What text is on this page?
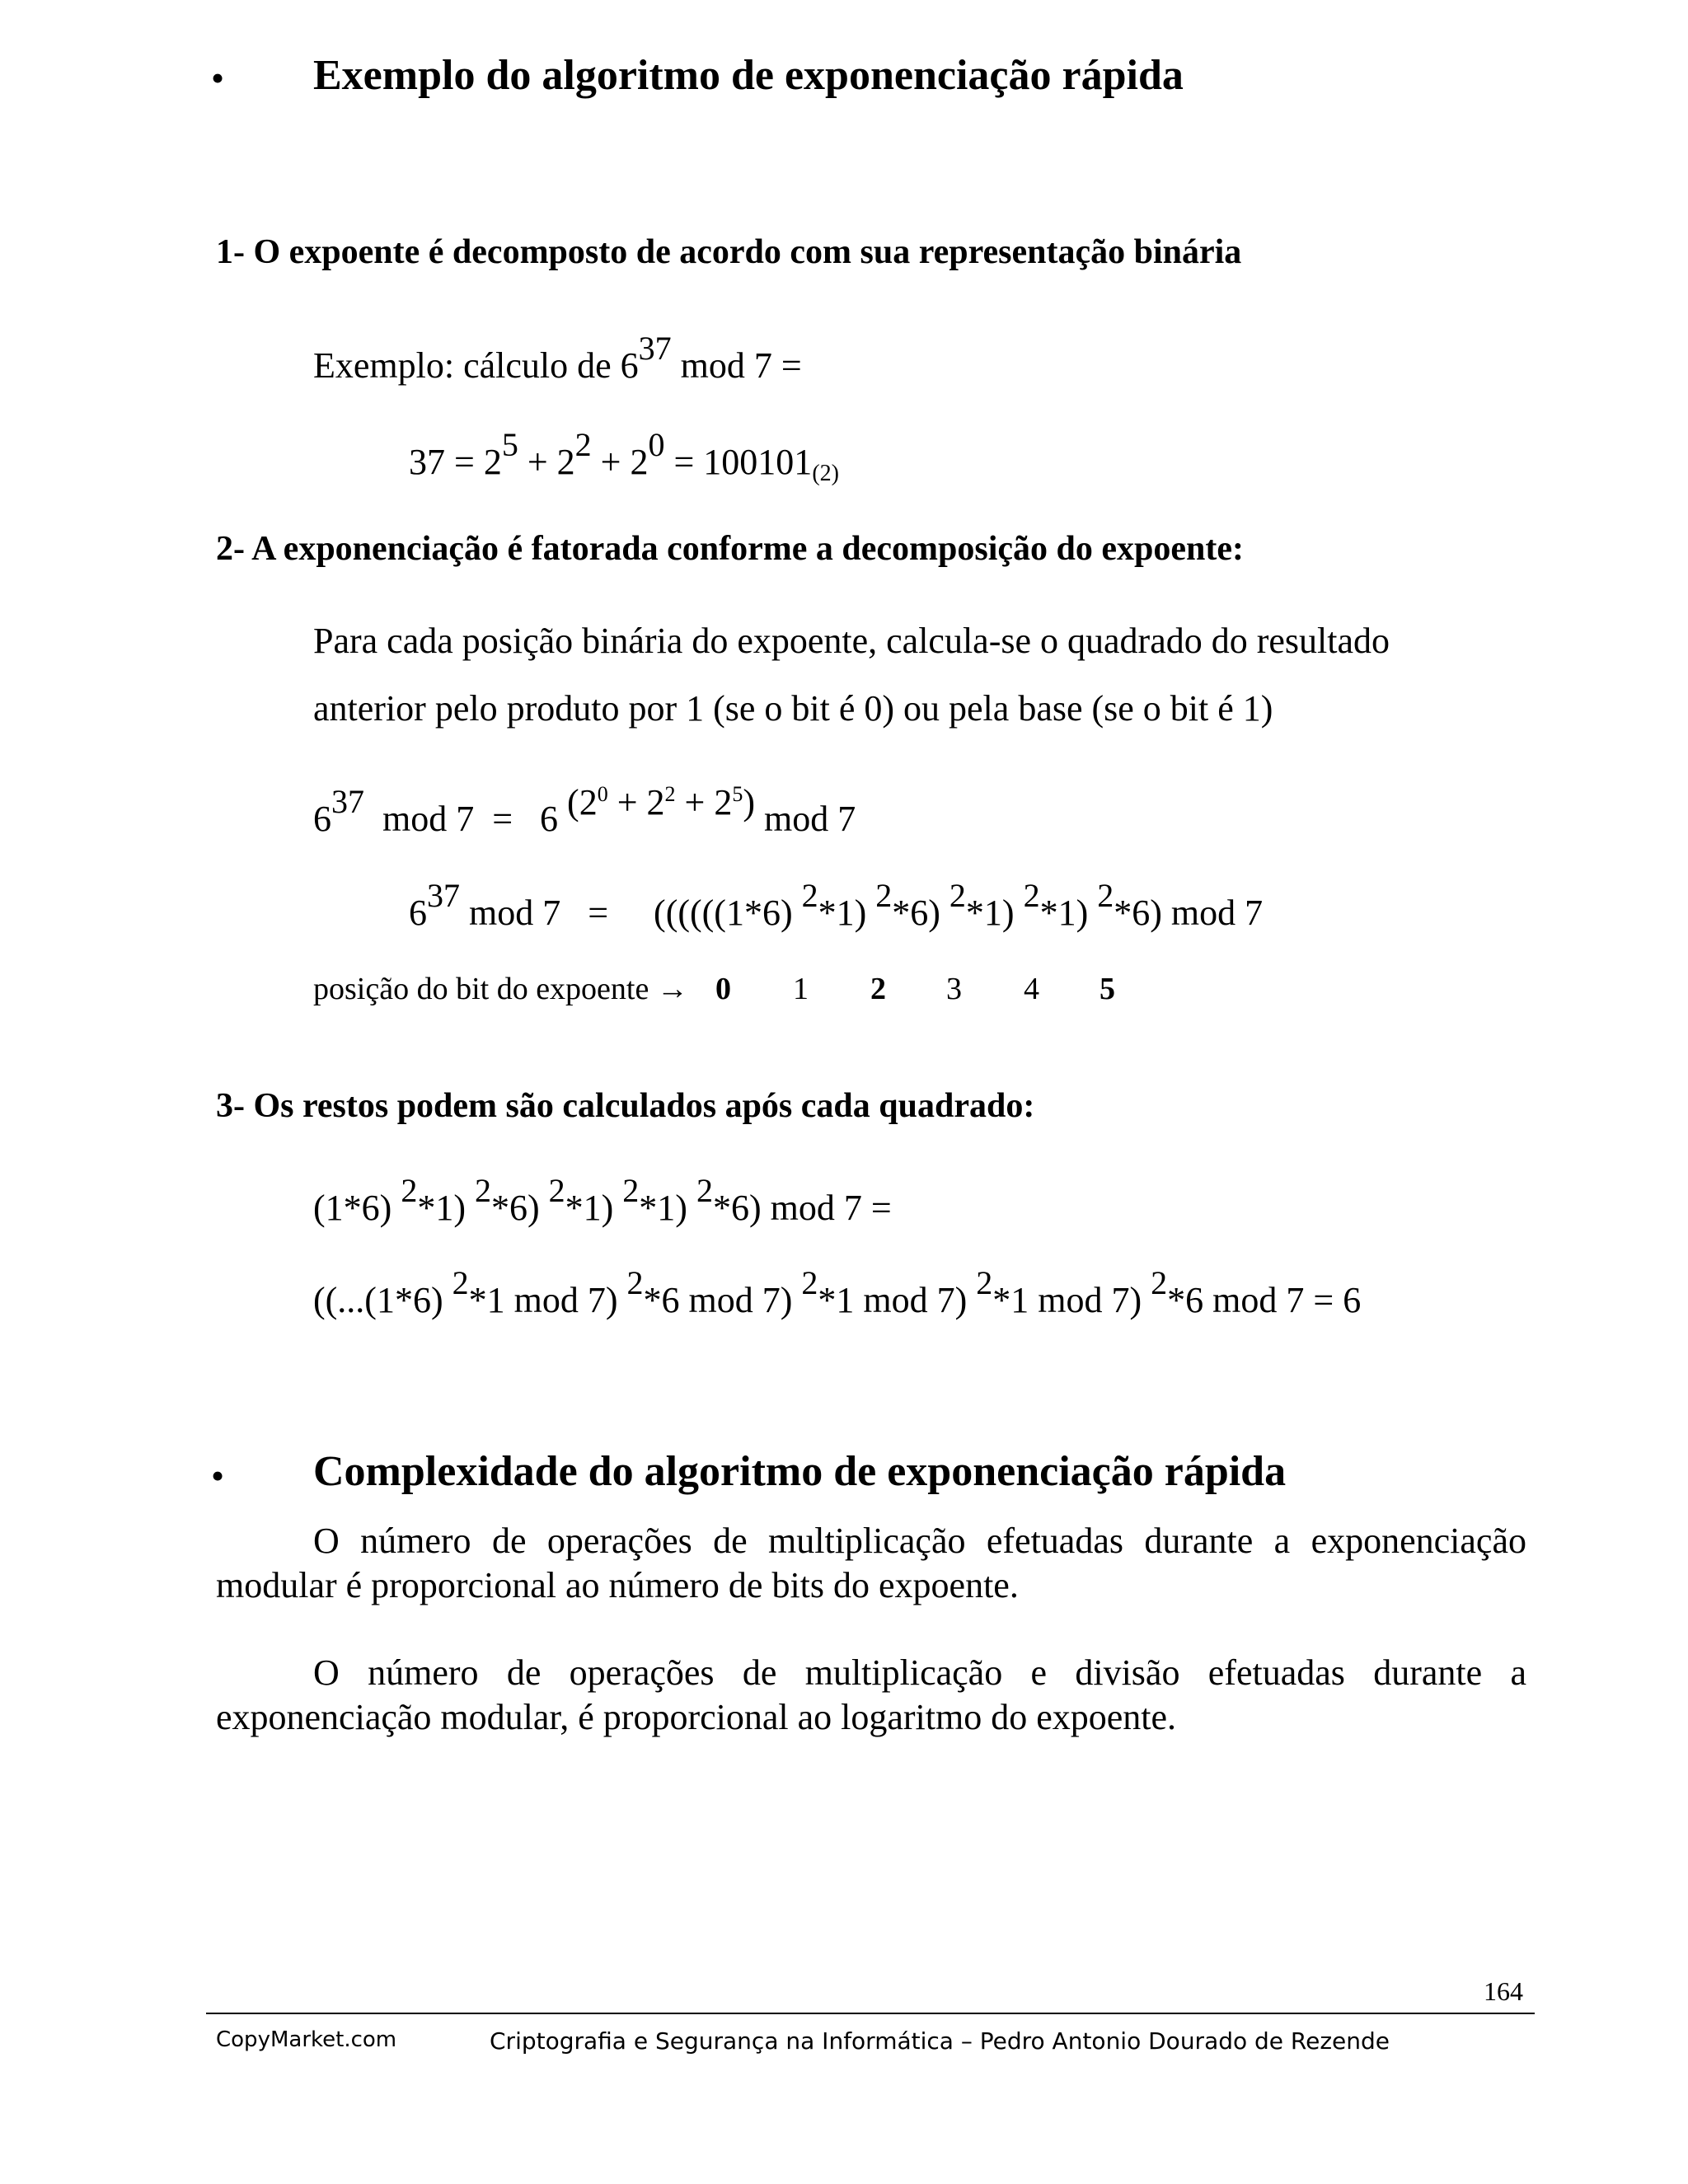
• Exemplo do algoritmo de exponenciação rápida
1- O expoente é decomposto de acordo com sua representação binária
Exemplo: cálculo de 637 mod 7 =
$37 = 25 + 22 + 20 = 100101_{(2)}$
2- A exponenciação é fatorada conforme a decomposição do expoente:
Para cada posição binária do expoente, calcula-se o quadrado do resultado
anterior pelo produto por 1 (se o bit é 0) ou pela base (se o bit é 1)
637  mod 7  =   6 $(2^0 + 2^2 + 2^5)$ mod 7
637 mod 7   =     ((((((1*6) 2*1) 2*6) 2*1) 2*1) 2*6) mod 7
posição do bit do expoente → 0 1 2 3 4 5
3- Os restos podem são calculados após cada quadrado:
(1*6) 2*1) 2*6) 2*1) 2*1) 2*6) mod 7 =
((...(1*6) 2*1 mod 7) 2*6 mod 7) 2*1 mod 7) 2*1 mod 7) 2*6 mod 7 = 6
• Complexidade do algoritmo de exponenciação rápida
O número de operações de multiplicação efetuadas durante a exponenciação
modular é proporcional ao número de bits do expoente.
O número de operações de multiplicação e divisão efetuadas durante a
exponenciação modular, é proporcional ao logaritmo do expoente.
164
CopyMarket.com	Criptografia e Segurança na Informática – Pedro Antonio Dourado de Rezende
